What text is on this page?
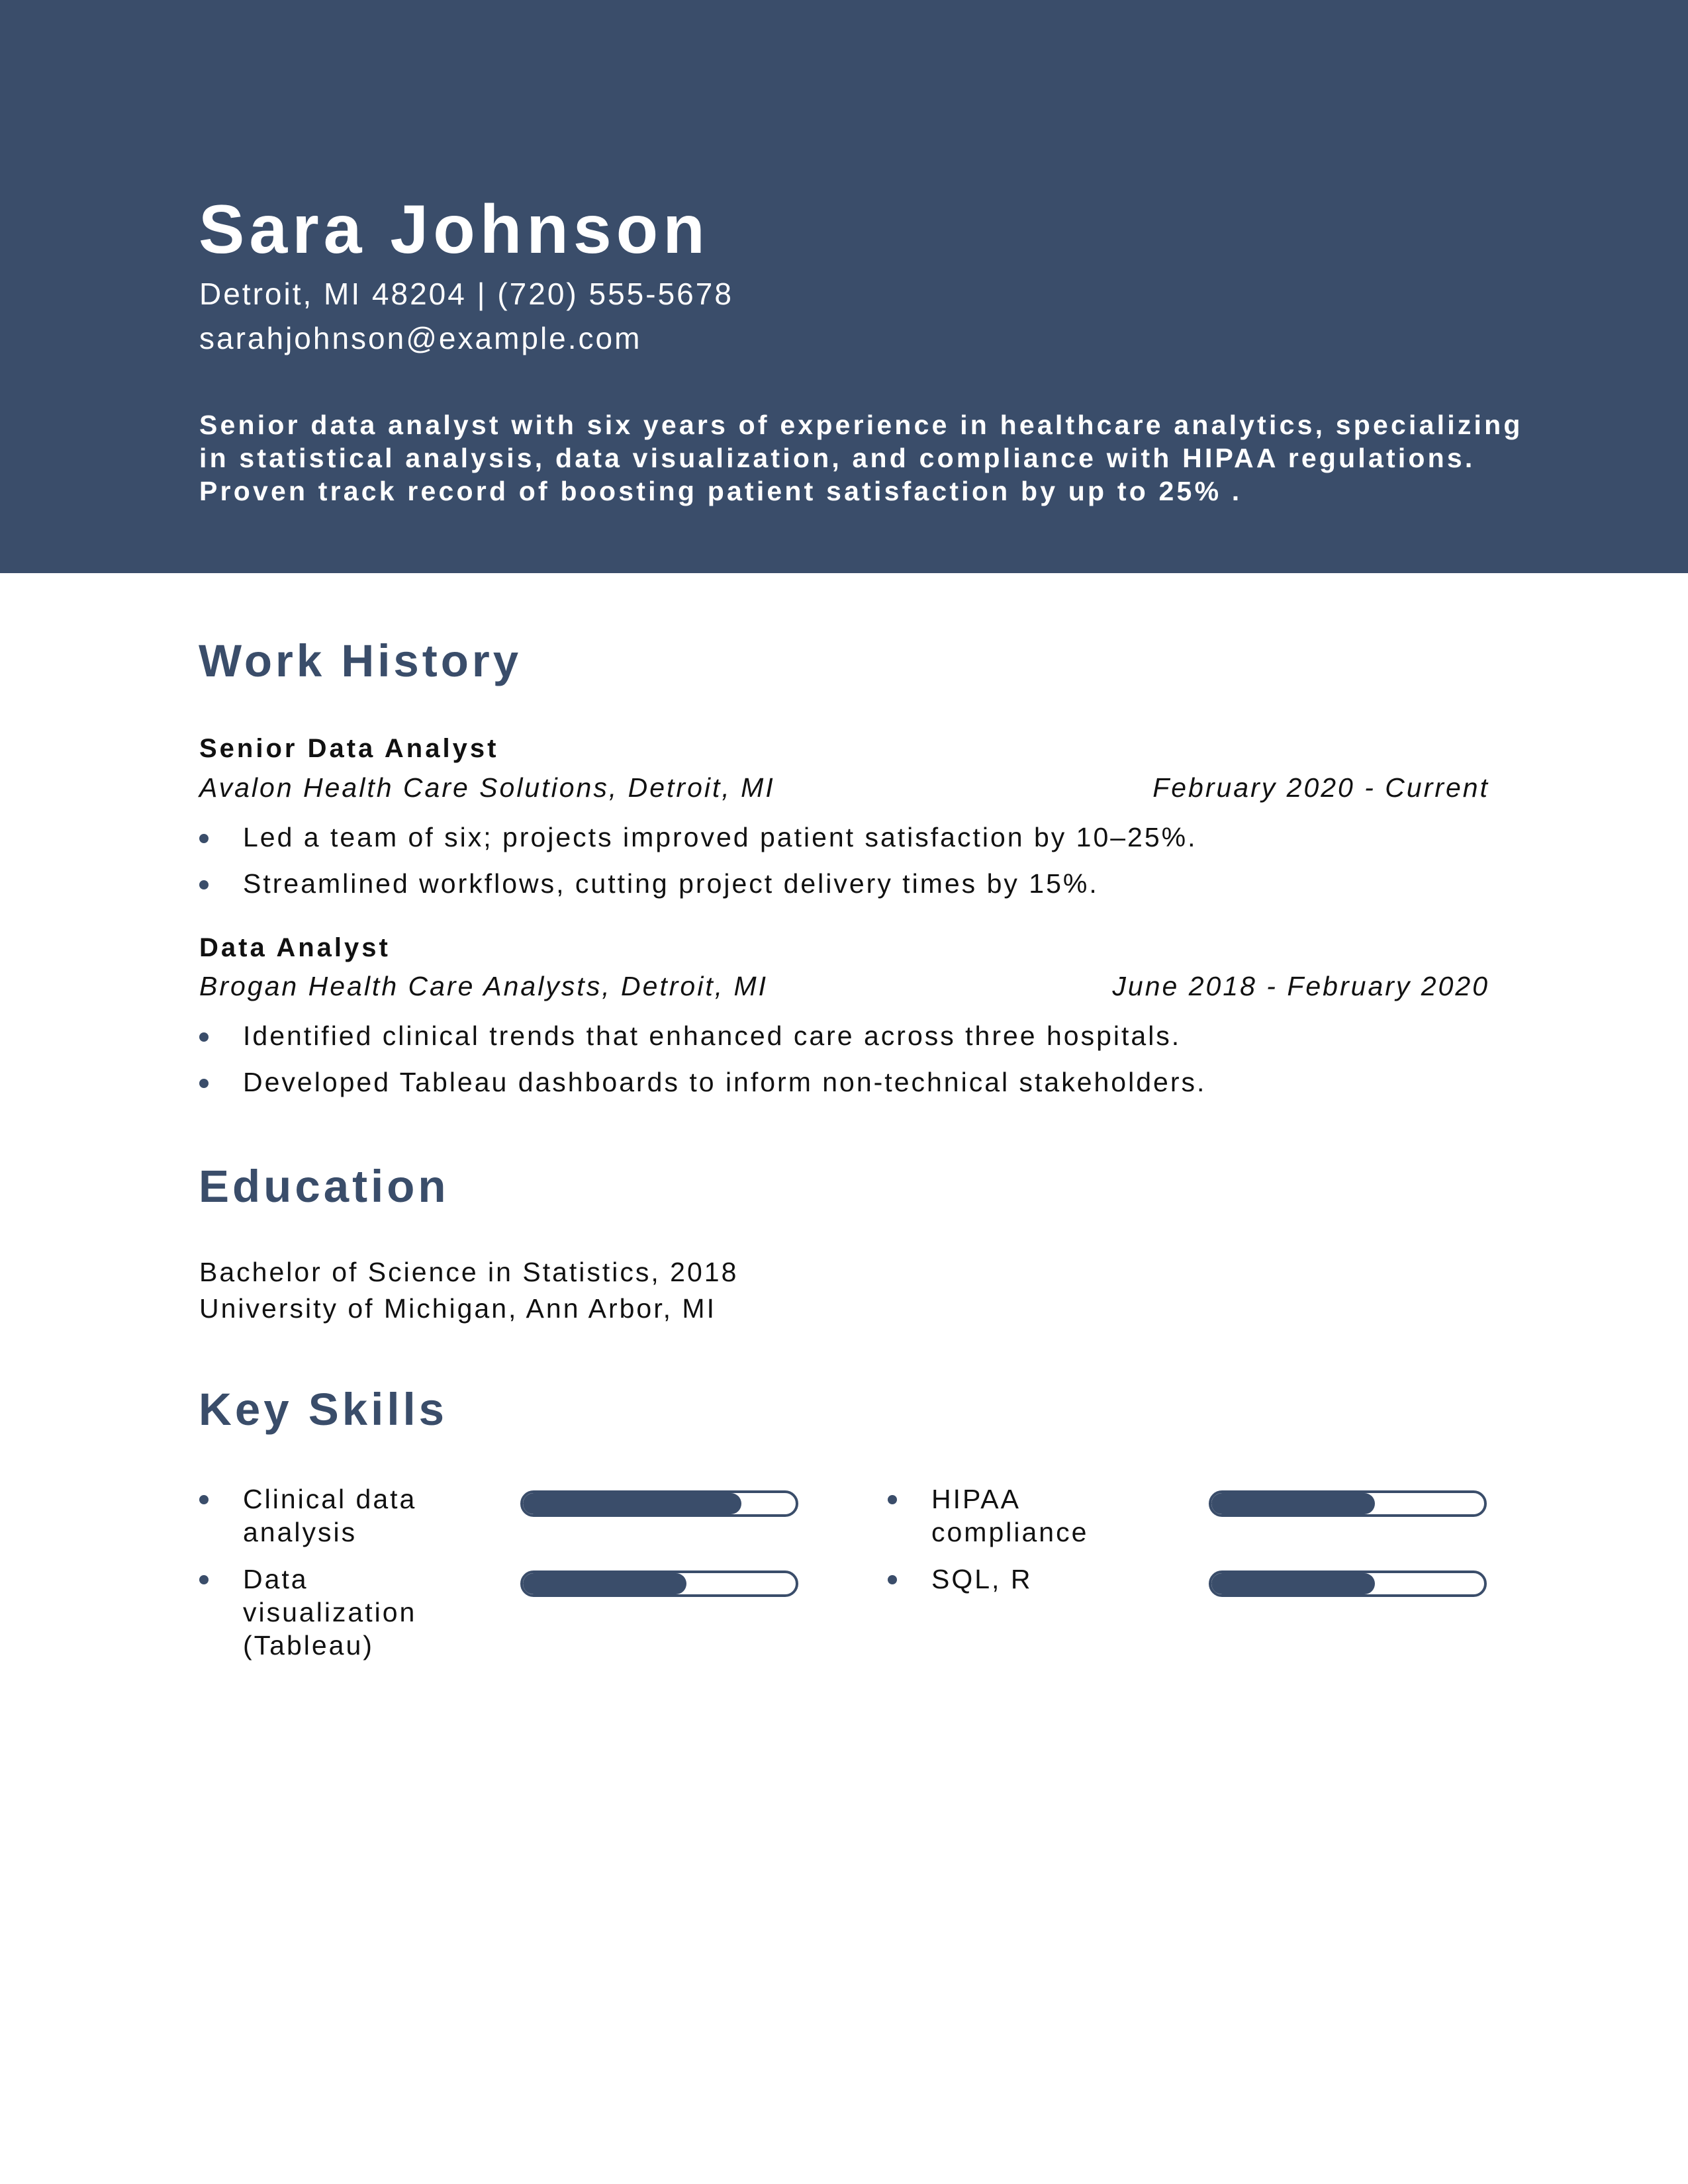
Sara Johnson
Detroit, MI 48204 | (720) 555-5678
sarahjohnson@example.com

Senior data analyst with six years of experience in healthcare analytics, specializing in statistical analysis, data visualization, and compliance with HIPAA regulations. Proven track record of boosting patient satisfaction by up to 25% .

Work History
Senior Data Analyst
Avalon Health Care Solutions, Detroit, MI	February 2020 - Current
Led a team of six; projects improved patient satisfaction by 10–25%.
Streamlined workflows, cutting project delivery times by 15%.
Data Analyst
Brogan Health Care Analysts, Detroit, MI	June 2018 - February 2020
Identified clinical trends that enhanced care across three hospitals.
Developed Tableau dashboards to inform non-technical stakeholders.
Education
Bachelor of Science in Statistics, 2018
University of Michigan, Ann Arbor, MI
Key Skills
Clinical data analysis
HIPAA compliance
Data visualization (Tableau)
SQL, R
